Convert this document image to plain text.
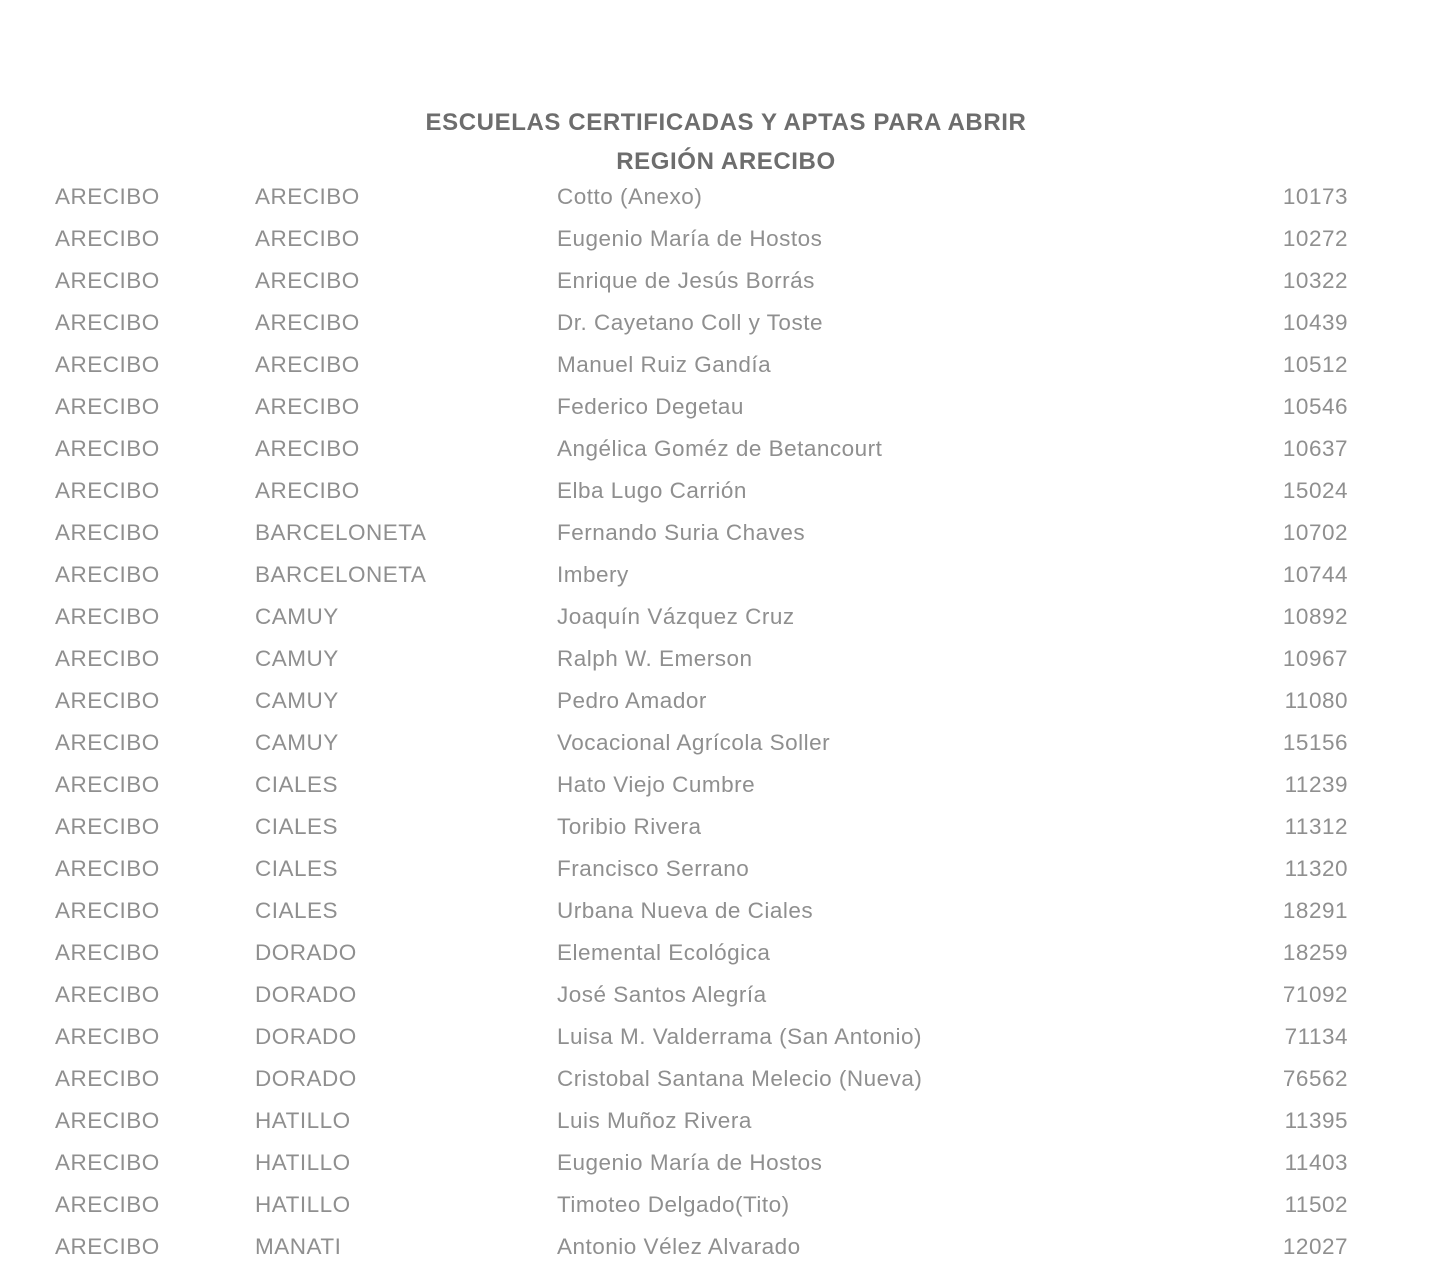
ESCUELAS CERTIFICADAS Y APTAS PARA ABRIR
REGIÓN ARECIBO
ARECIBO	ARECIBO	Cotto (Anexo)	10173
ARECIBO	ARECIBO	Eugenio María de Hostos	10272
ARECIBO	ARECIBO	Enrique de Jesús Borrás	10322
ARECIBO	ARECIBO	Dr. Cayetano Coll y Toste	10439
ARECIBO	ARECIBO	Manuel Ruiz Gandía	10512
ARECIBO	ARECIBO	Federico Degetau	10546
ARECIBO	ARECIBO	Angélica Goméz de Betancourt	10637
ARECIBO	ARECIBO	Elba Lugo Carrión	15024
ARECIBO	BARCELONETA	Fernando Suria Chaves	10702
ARECIBO	BARCELONETA	Imbery	10744
ARECIBO	CAMUY	Joaquín Vázquez Cruz	10892
ARECIBO	CAMUY	Ralph W. Emerson	10967
ARECIBO	CAMUY	Pedro Amador	11080
ARECIBO	CAMUY	Vocacional Agrícola Soller	15156
ARECIBO	CIALES	Hato Viejo Cumbre	11239
ARECIBO	CIALES	Toribio Rivera	11312
ARECIBO	CIALES	Francisco Serrano	11320
ARECIBO	CIALES	Urbana Nueva de Ciales	18291
ARECIBO	DORADO	Elemental Ecológica	18259
ARECIBO	DORADO	José Santos Alegría	71092
ARECIBO	DORADO	Luisa M. Valderrama (San Antonio)	71134
ARECIBO	DORADO	Cristobal Santana Melecio (Nueva)	76562
ARECIBO	HATILLO	Luis Muñoz Rivera	11395
ARECIBO	HATILLO	Eugenio María de Hostos	11403
ARECIBO	HATILLO	Timoteo Delgado(Tito)	11502
ARECIBO	MANATI	Antonio Vélez Alvarado	12027
